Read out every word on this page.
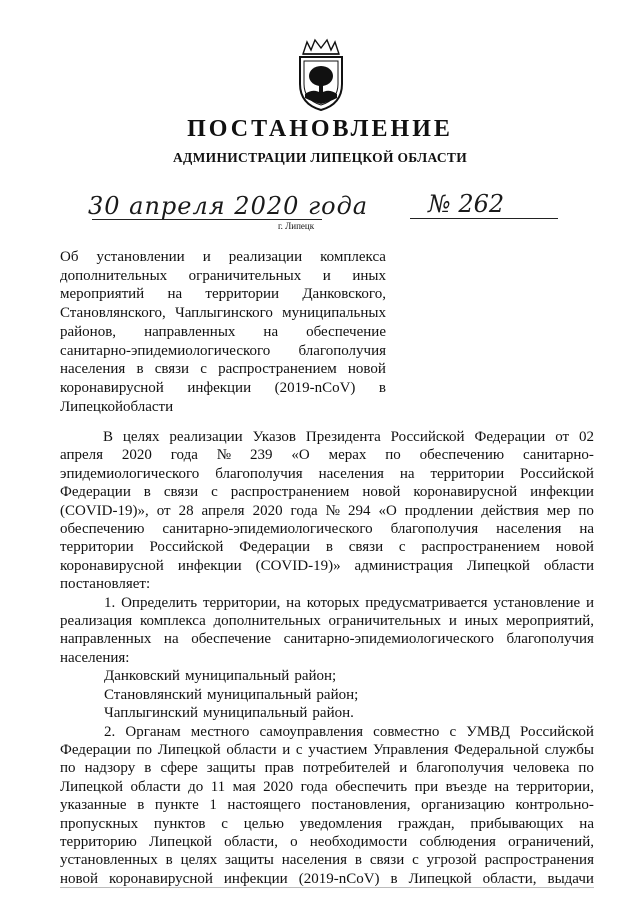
ПОСТАНОВЛЕНИЕ
АДМИНИСТРАЦИИ ЛИПЕЦКОЙ ОБЛАСТИ
30 апреля 2020 года
г. Липецк
№ 262
Об установлении и реализации комплекса
дополнительных ограничительных и иных
мероприятий на территории Данковского,
Становлянского, Чаплыгинского муниципальных
районов, направленных на обеспечение
санитарно-эпидемиологического благополучия
населения в связи с распространением новой
коронавирусной инфекции (2019-nCoV) в
Липецкой области
В целях реализации Указов Президента Российской Федерации от 02
апреля 2020 года № 239 «О мерах по обеспечению санитарно-
эпидемиологического благополучия населения на территории Российской
Федерации в связи с распространением новой коронавирусной инфекции
(COVID-19)», от 28 апреля 2020 года № 294 «О продлении действия мер по
обеспечению санитарно-эпидемиологического благополучия населения на
территории Российской Федерации в связи с распространением новой
коронавирусной инфекции (COVID-19)» администрация Липецкой области
постановляет:
1. Определить территории, на которых предусматривается установление и
реализация комплекса дополнительных ограничительных и иных мероприятий,
направленных на обеспечение санитарно-эпидемиологического благополучия
населения:
Данковский муниципальный район;
Становлянский муниципальный район;
Чаплыгинский муниципальный район.
2. Органам местного самоуправления совместно с УМВД Российской
Федерации по Липецкой области и с участием Управления Федеральной службы
по надзору в сфере защиты прав потребителей и благополучия человека по
Липецкой области до 11 мая 2020 года обеспечить при въезде на территории,
указанные в пункте 1 настоящего постановления, организацию контрольно-
пропускных пунктов с целью уведомления граждан, прибывающих на
территорию Липецкой области, о необходимости соблюдения ограничений,
установленных в целях защиты населения в связи с угрозой распространения
новой коронавирусной инфекции (2019-nCoV) в Липецкой области, выдачи
